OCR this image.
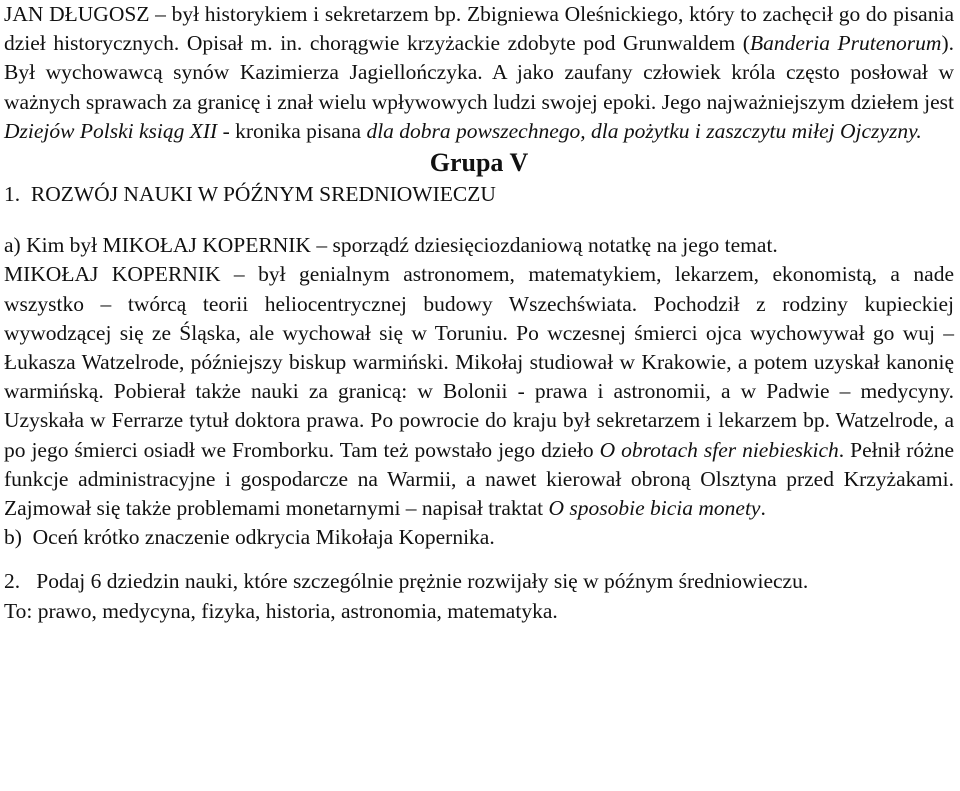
JAN DŁUGOSZ – był historykiem i sekretarzem bp. Zbigniewa Oleśnickiego, który to zachęcił go do pisania dzieł historycznych. Opisał m. in. chorągwie krzyżackie zdobyte pod Grunwaldem (Banderia Prutenorum). Był wychowawcą synów Kazimierza Jagiellończyka. A jako zaufany człowiek króla często posłował w ważnych sprawach za granicę i znał wielu wpływowych ludzi swojej epoki. Jego najważniejszym dziełem jest Dziejów Polski ksiąg XII - kronika pisana dla dobra powszechnego, dla pożytku i zaszczytu miłej Ojczyzny.

Grupa V

1. ROZWÓJ NAUKI W PÓŹNYM SREDNIOWIECZU

a) Kim był MIKOŁAJ KOPERNIK – sporządź dziesięciozdaniową notatkę na jego temat.

MIKOŁAJ KOPERNIK – był genialnym astronomem, matematykiem, lekarzem, ekonomistą, a nade wszystko – twórcą teorii heliocentrycznej budowy Wszechświata. Pochodził z rodziny kupieckiej wywodzącej się ze Śląska, ale wychował się w Toruniu. Po wczesnej śmierci ojca wychowywał go wuj – Łukasza Watzelrode, późniejszy biskup warmiński. Mikołaj studiował w Krakowie, a potem uzyskał kanonię warmińską. Pobierał także nauki za granicą: w Bolonii - prawa i astronomii, a w Padwie – medycyny. Uzyskała w Ferrarze tytuł doktora prawa. Po powrocie do kraju był sekretarzem i lekarzem bp. Watzelrode, a po jego śmierci osiadł we Fromborku. Tam też powstało jego dzieło O obrotach sfer niebieskich. Pełnił różne funkcje administracyjne i gospodarcze na Warmii, a nawet kierował obroną Olsztyna przed Krzyżakami. Zajmował się także problemami monetarnymi – napisał traktat O sposobie bicia monety.

b)  Oceń krótko znaczenie odkrycia Mikołaja Kopernika.

2.   Podaj 6 dziedzin nauki, które szczególnie prężnie rozwijały się w późnym średniowieczu.

To: prawo, medycyna, fizyka, historia, astronomia, matematyka.
